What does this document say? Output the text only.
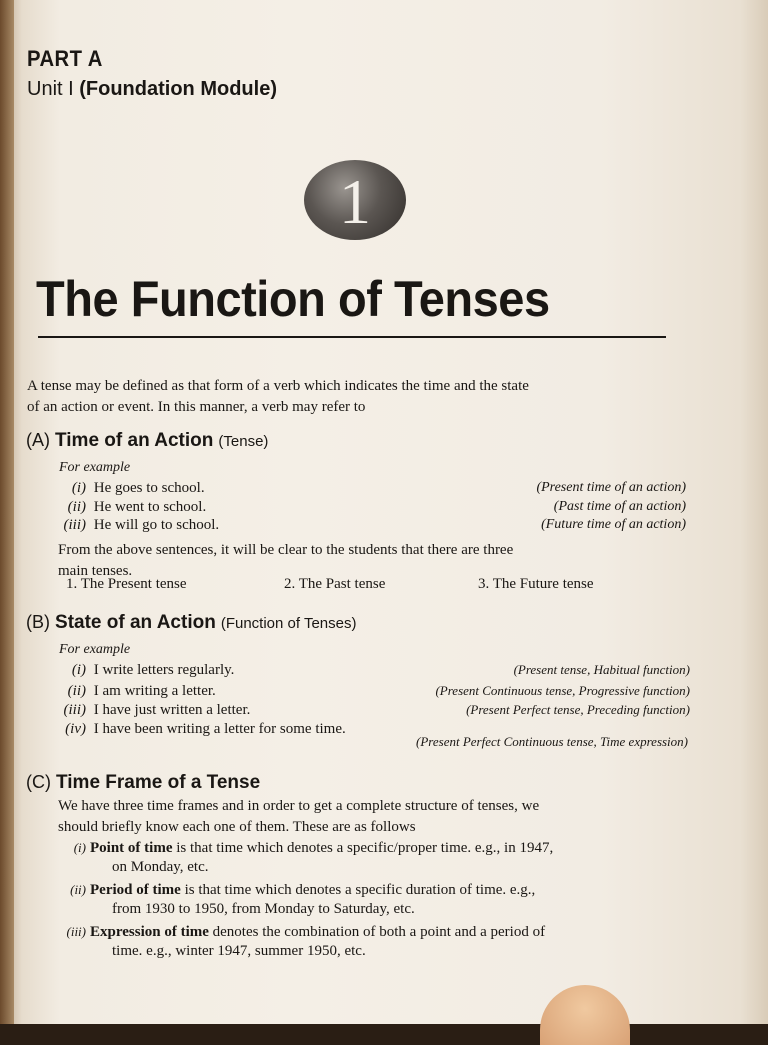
PART A
Unit I (Foundation Module)
1
The Function of Tenses
A tense may be defined as that form of a verb which indicates the time and the state
of an action or event. In this manner, a verb may refer to
(A) Time of an Action (Tense)
For example
(i) He goes to school.	(Present time of an action)
(ii) He went to school.	(Past time of an action)
(iii) He will go to school.	(Future time of an action)
From the above sentences, it will be clear to the students that there are three
main tenses.
1. The Present tense	2. The Past tense	3. The Future tense
(B) State of an Action (Function of Tenses)
For example
(i) I write letters regularly.	(Present tense, Habitual function)
(ii) I am writing a letter.	(Present Continuous tense, Progressive function)
(iii) I have just written a letter.	(Present Perfect tense, Preceding function)
(iv) I have been writing a letter for some time.
(Present Perfect Continuous tense, Time expression)
(C) Time Frame of a Tense
We have three time frames and in order to get a complete structure of tenses, we
should briefly know each one of them. These are as follows
(i) Point of time is that time which denotes a specific/proper time. e.g., in 1947,
on Monday, etc.
(ii) Period of time is that time which denotes a specific duration of time. e.g.,
from 1930 to 1950, from Monday to Saturday, etc.
(iii) Expression of time denotes the combination of both a point and a period of
time. e.g., winter 1947, summer 1950, etc.
